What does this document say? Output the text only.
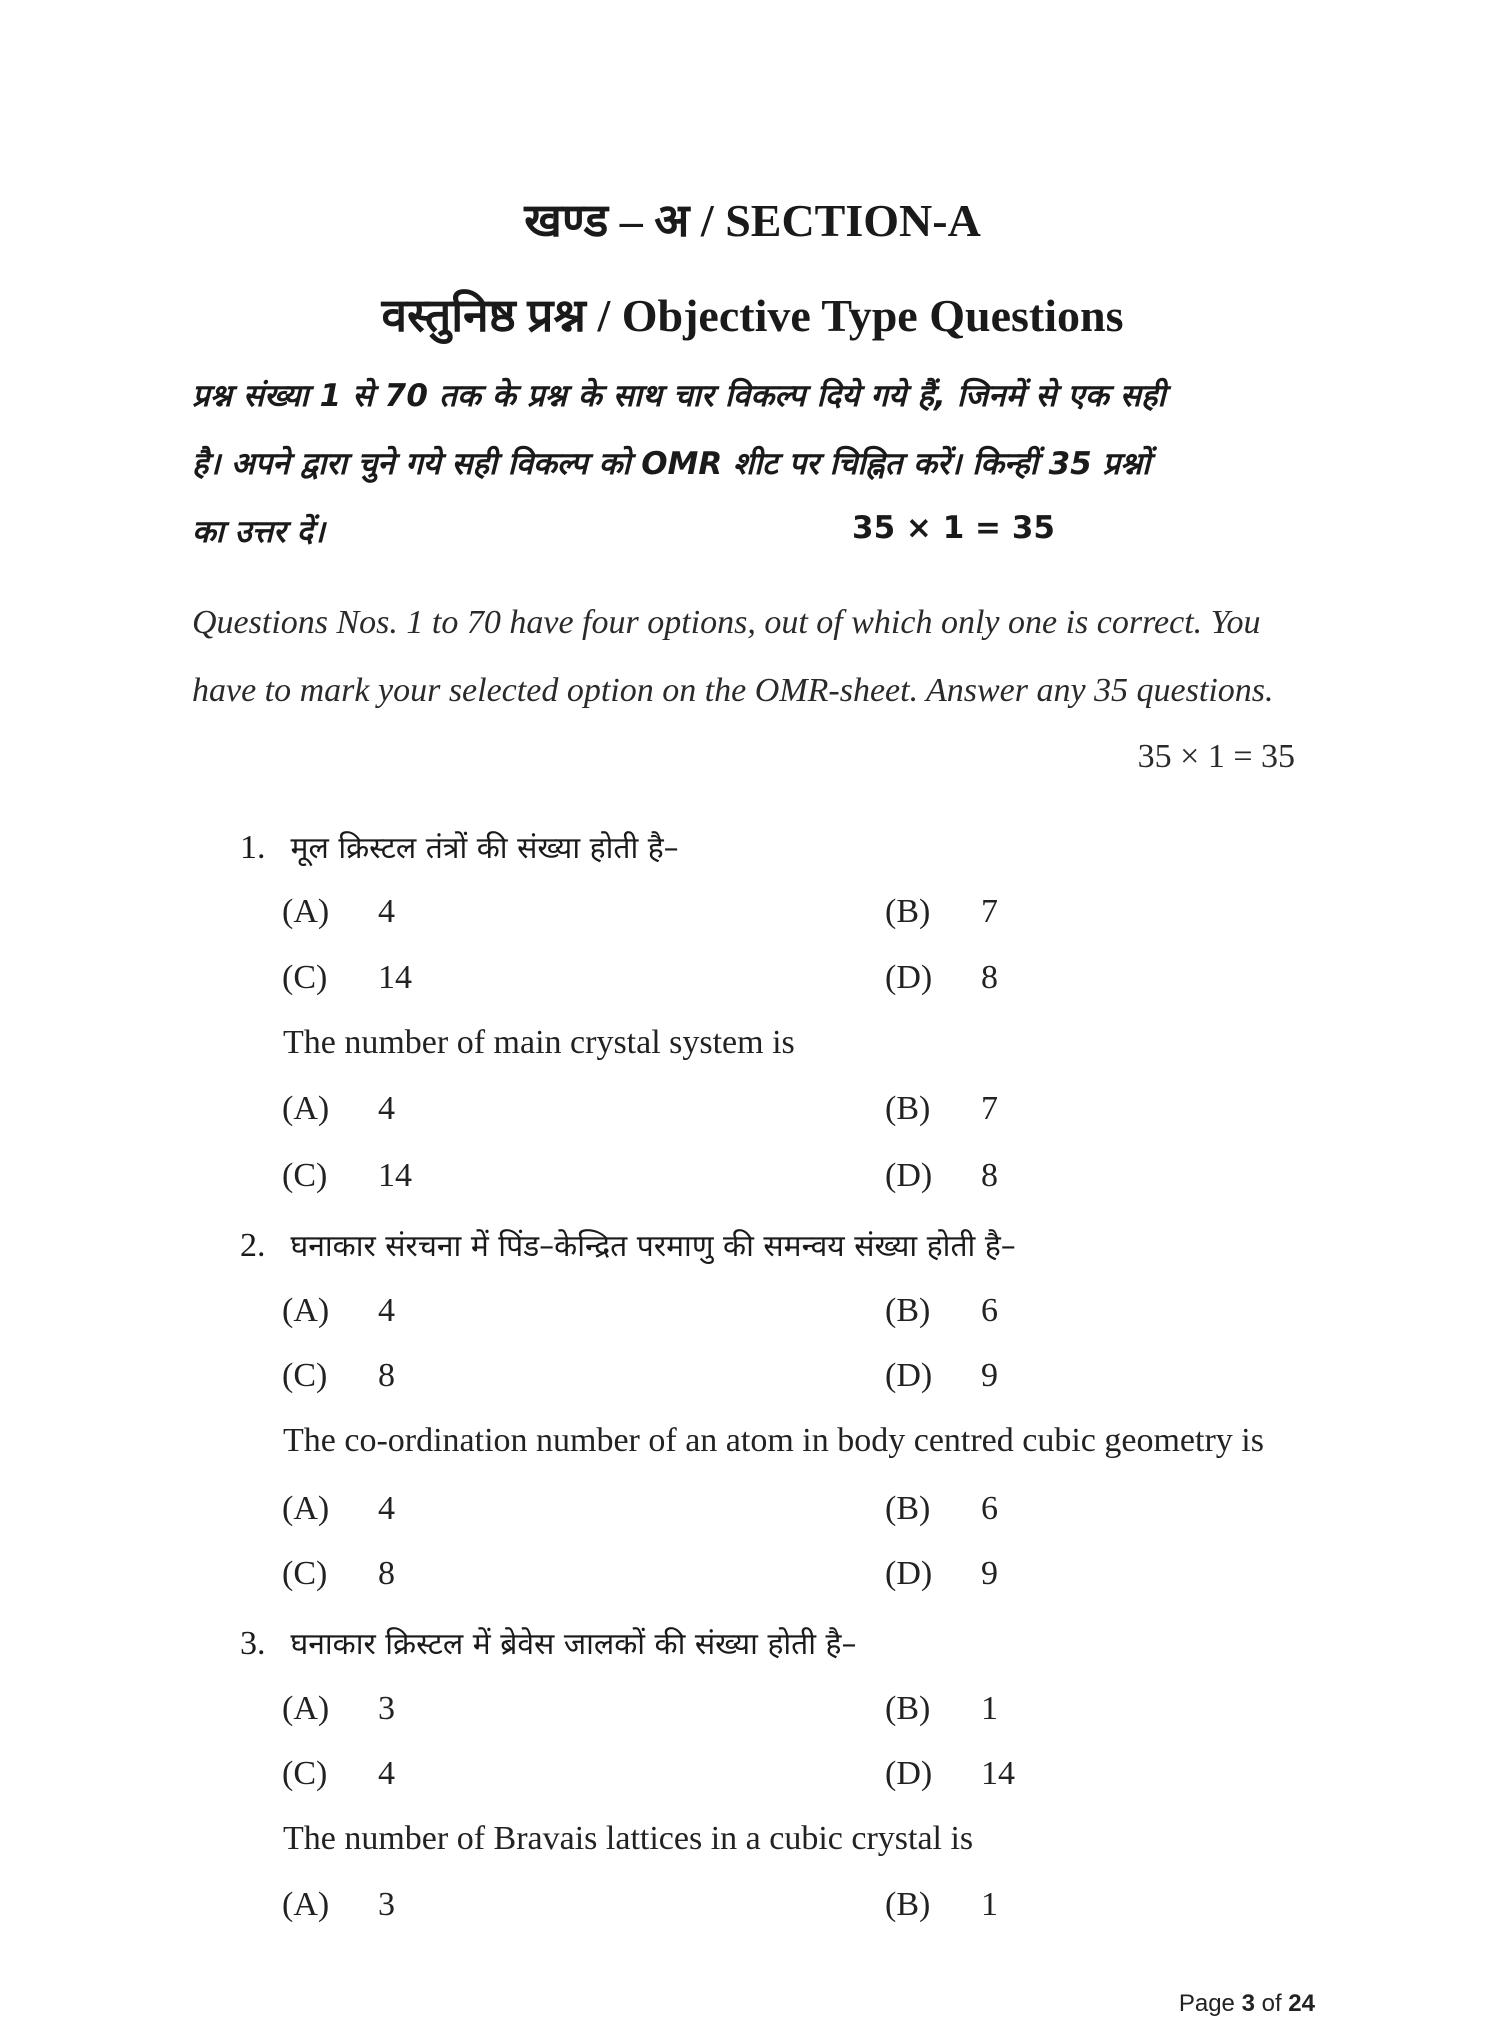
खण्ड – अ / SECTION-A
वस्तुनिष्ठ प्रश्न / Objective Type Questions
प्रश्न संख्या 1 से 70 तक के प्रश्न के साथ चार विकल्प दिये गये हैं, जिनमें से एक सही
है। अपने द्वारा चुने गये सही विकल्प को OMR शीट पर चिह्नित करें। किन्हीं 35 प्रश्नों
का उत्तर दें।	35 × 1 = 35
Questions Nos. 1 to 70 have four options, out of which only one is correct. You
have to mark your selected option on the OMR-sheet. Answer any 35 questions.
35 × 1 = 35
1. मूल क्रिस्टल तंत्रों की संख्या होती है–
(A) 4	(B) 7
(C) 14	(D) 8
The number of main crystal system is
(A) 4	(B) 7
(C) 14	(D) 8
2. घनाकार संरचना में पिंड–केन्द्रित परमाणु की समन्वय संख्या होती है–
(A) 4	(B) 6
(C) 8	(D) 9
The co-ordination number of an atom in body centred cubic geometry is
(A) 4	(B) 6
(C) 8	(D) 9
3. घनाकार क्रिस्टल में ब्रेवेस जालकों की संख्या होती है–
(A) 3	(B) 1
(C) 4	(D) 14
The number of Bravais lattices in a cubic crystal is
(A) 3	(B) 1
Page 3 of 24
